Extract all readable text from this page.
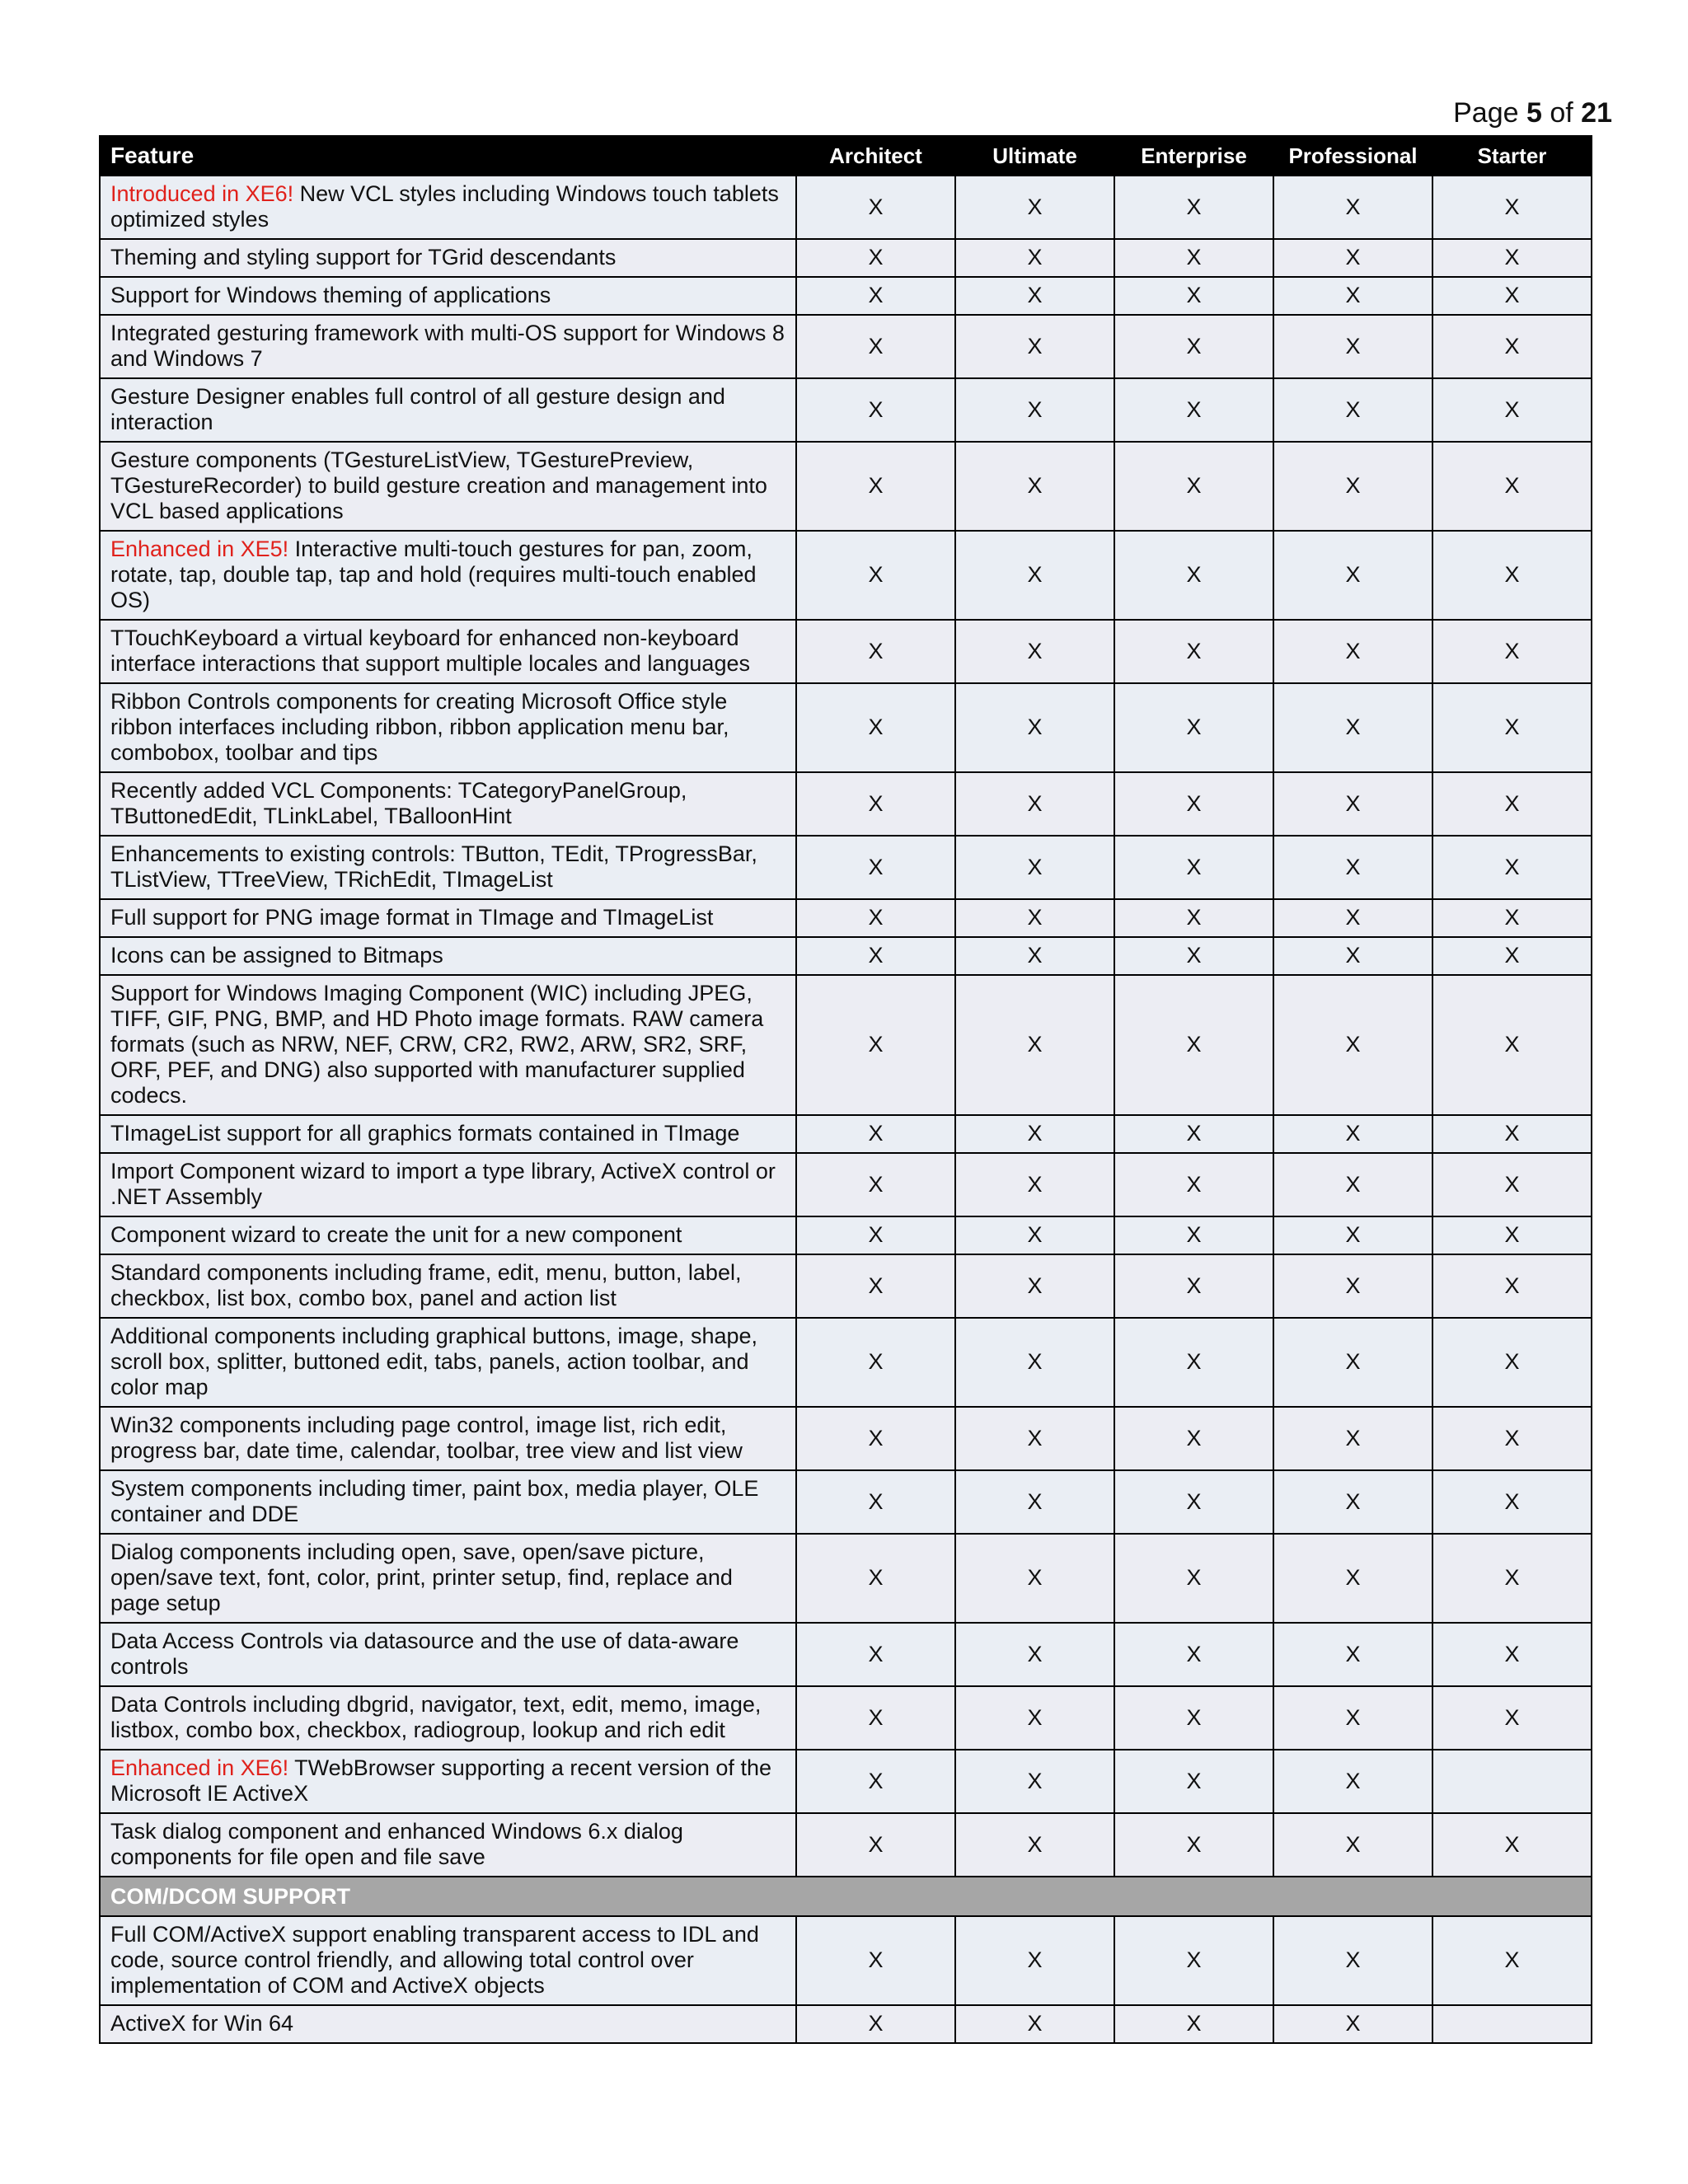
Page 5 of 21
Feature	Architect	Ultimate	Enterprise	Professional	Starter
Introduced in XE6! New VCL styles including Windows touch tablets optimized styles	X	X	X	X	X
Theming and styling support for TGrid descendants	X	X	X	X	X
Support for Windows theming of applications	X	X	X	X	X
Integrated gesturing framework with multi-OS support for Windows 8 and Windows 7	X	X	X	X	X
Gesture Designer enables full control of all gesture design and interaction	X	X	X	X	X
Gesture components (TGestureListView, TGesturePreview, TGestureRecorder) to build gesture creation and management into VCL based applications	X	X	X	X	X
Enhanced in XE5! Interactive multi-touch gestures for pan, zoom, rotate, tap, double tap, tap and hold (requires multi-touch enabled OS)	X	X	X	X	X
TTouchKeyboard a virtual keyboard for enhanced non-keyboard interface interactions that support multiple locales and languages	X	X	X	X	X
Ribbon Controls components for creating Microsoft Office style ribbon interfaces including ribbon, ribbon application menu bar, combobox, toolbar and tips	X	X	X	X	X
Recently added VCL Components: TCategoryPanelGroup, TButtonedEdit, TLinkLabel, TBalloonHint	X	X	X	X	X
Enhancements to existing controls: TButton, TEdit, TProgressBar, TListView, TTreeView, TRichEdit, TImageList	X	X	X	X	X
Full support for PNG image format in TImage and TImageList	X	X	X	X	X
Icons can be assigned to Bitmaps	X	X	X	X	X
Support for Windows Imaging Component (WIC) including JPEG, TIFF, GIF, PNG, BMP, and HD Photo image formats. RAW camera formats (such as NRW, NEF, CRW, CR2, RW2, ARW, SR2, SRF, ORF, PEF, and DNG) also supported with manufacturer supplied codecs.	X	X	X	X	X
TImageList support for all graphics formats contained in TImage	X	X	X	X	X
Import Component wizard to import a type library, ActiveX control or .NET Assembly	X	X	X	X	X
Component wizard to create the unit for a new component	X	X	X	X	X
Standard components including frame, edit, menu, button, label, checkbox, list box, combo box, panel and action list	X	X	X	X	X
Additional components including graphical buttons, image, shape, scroll box, splitter, buttoned edit, tabs, panels, action toolbar, and color map	X	X	X	X	X
Win32 components including page control, image list, rich edit, progress bar, date time, calendar, toolbar, tree view and list view	X	X	X	X	X
System components including timer, paint box, media player, OLE container and DDE	X	X	X	X	X
Dialog components including open, save, open/save picture, open/save text, font, color, print, printer setup, find, replace and page setup	X	X	X	X	X
Data Access Controls via datasource and the use of data-aware controls	X	X	X	X	X
Data Controls including dbgrid, navigator, text, edit, memo, image, listbox, combo box, checkbox, radiogroup, lookup and rich edit	X	X	X	X	X
Enhanced in XE6! TWebBrowser supporting a recent version of the Microsoft IE ActiveX	X	X	X	X	
Task dialog component and enhanced Windows 6.x dialog components for file open and file save	X	X	X	X	X
COM/DCOM SUPPORT					
Full COM/ActiveX support enabling transparent access to IDL and code, source control friendly, and allowing total control over implementation of COM and ActiveX objects	X	X	X	X	X
ActiveX for Win 64	X	X	X	X	
